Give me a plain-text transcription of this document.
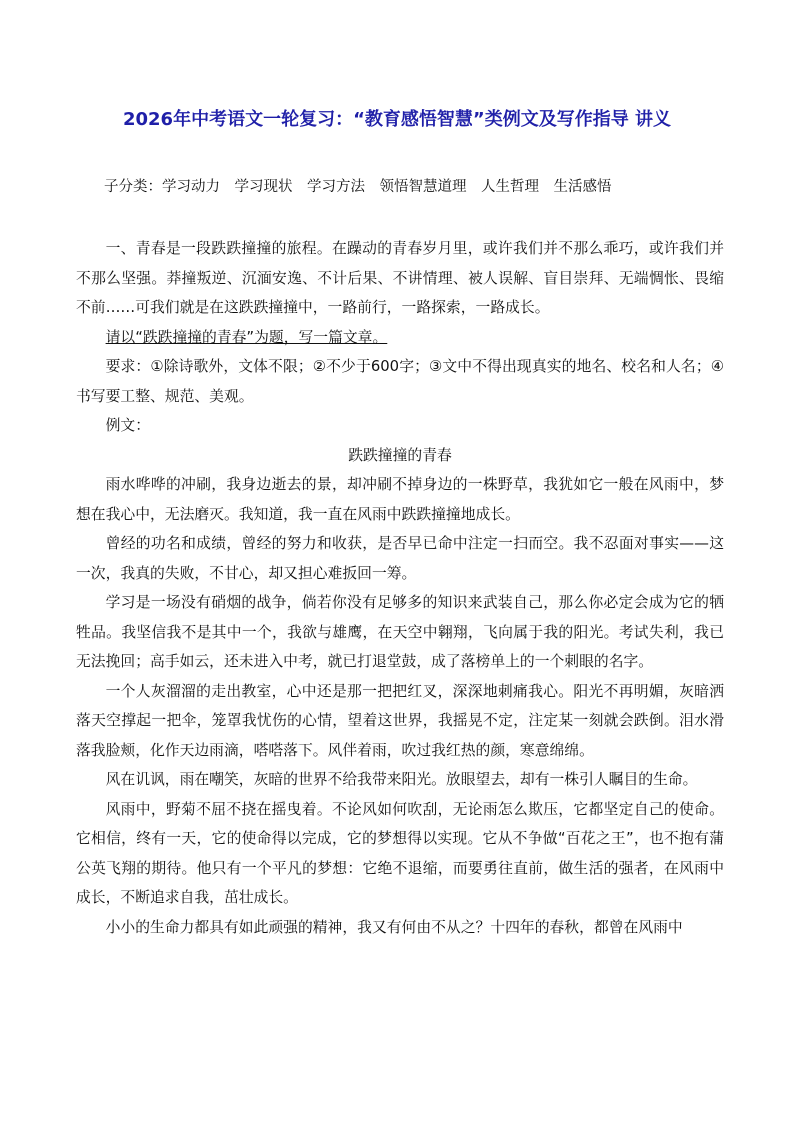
2026年中考语文一轮复习：“教育感悟智慧”类例文及写作指导 讲义
子分类：学习动力　学习现状　学习方法　领悟智慧道理　人生哲理　生活感悟

一、青春是一段跌跌撞撞的旅程。在躁动的青春岁月里，或许我们并不那么乖巧，或许我们并不那么坚强。莽撞叛逆、沉湎安逸、不计后果、不讲情理、被人误解、盲目崇拜、无端惆怅、畏缩不前……可我们就是在这跌跌撞撞中，一路前行，一路探索，一路成长。

请以“跌跌撞撞的青春”为题，写一篇文章。

要求：①除诗歌外，文体不限；②不少于600字；③文中不得出现真实的地名、校名和人名；④书写要工整、规范、美观。

例文：

跌跌撞撞的青春

雨水哗哗的冲刷，我身边逝去的景，却冲刷不掉身边的一株野草，我犹如它一般在风雨中，梦想在我心中，无法磨灭。我知道，我一直在风雨中跌跌撞撞地成长。

曾经的功名和成绩，曾经的努力和收获，是否早已命中注定一扫而空。我不忍面对事实——这一次，我真的失败，不甘心，却又担心难扳回一筹。

学习是一场没有硝烟的战争，倘若你没有足够多的知识来武装自己，那么你必定会成为它的牺牲品。我坚信我不是其中一个，我欲与雄鹰，在天空中翱翔，飞向属于我的阳光。考试失利，我已无法挽回；高手如云，还未进入中考，就已打退堂鼓，成了落榜单上的一个刺眼的名字。

一个人灰溜溜的走出教室，心中还是那一把把红叉，深深地刺痛我心。阳光不再明媚，灰暗洒落天空撑起一把伞，笼罩我忧伤的心情，望着这世界，我摇晃不定，注定某一刻就会跌倒。泪水滑落我脸颊，化作天边雨滴，嗒嗒落下。风伴着雨，吹过我红热的颜，寒意绵绵。

风在讥讽，雨在嘲笑，灰暗的世界不给我带来阳光。放眼望去，却有一株引人瞩目的生命。

风雨中，野菊不屈不挠在摇曳着。不论风如何吹刮，无论雨怎么欺压，它都坚定自己的使命。它相信，终有一天，它的使命得以完成，它的梦想得以实现。它从不争做“百花之王”，也不抱有蒲公英飞翔的期待。他只有一个平凡的梦想：它绝不退缩，而要勇往直前，做生活的强者，在风雨中成长，不断追求自我，茁壮成长。

小小的生命力都具有如此顽强的精神，我又有何由不从之？十四年的春秋，都曾在风雨中
